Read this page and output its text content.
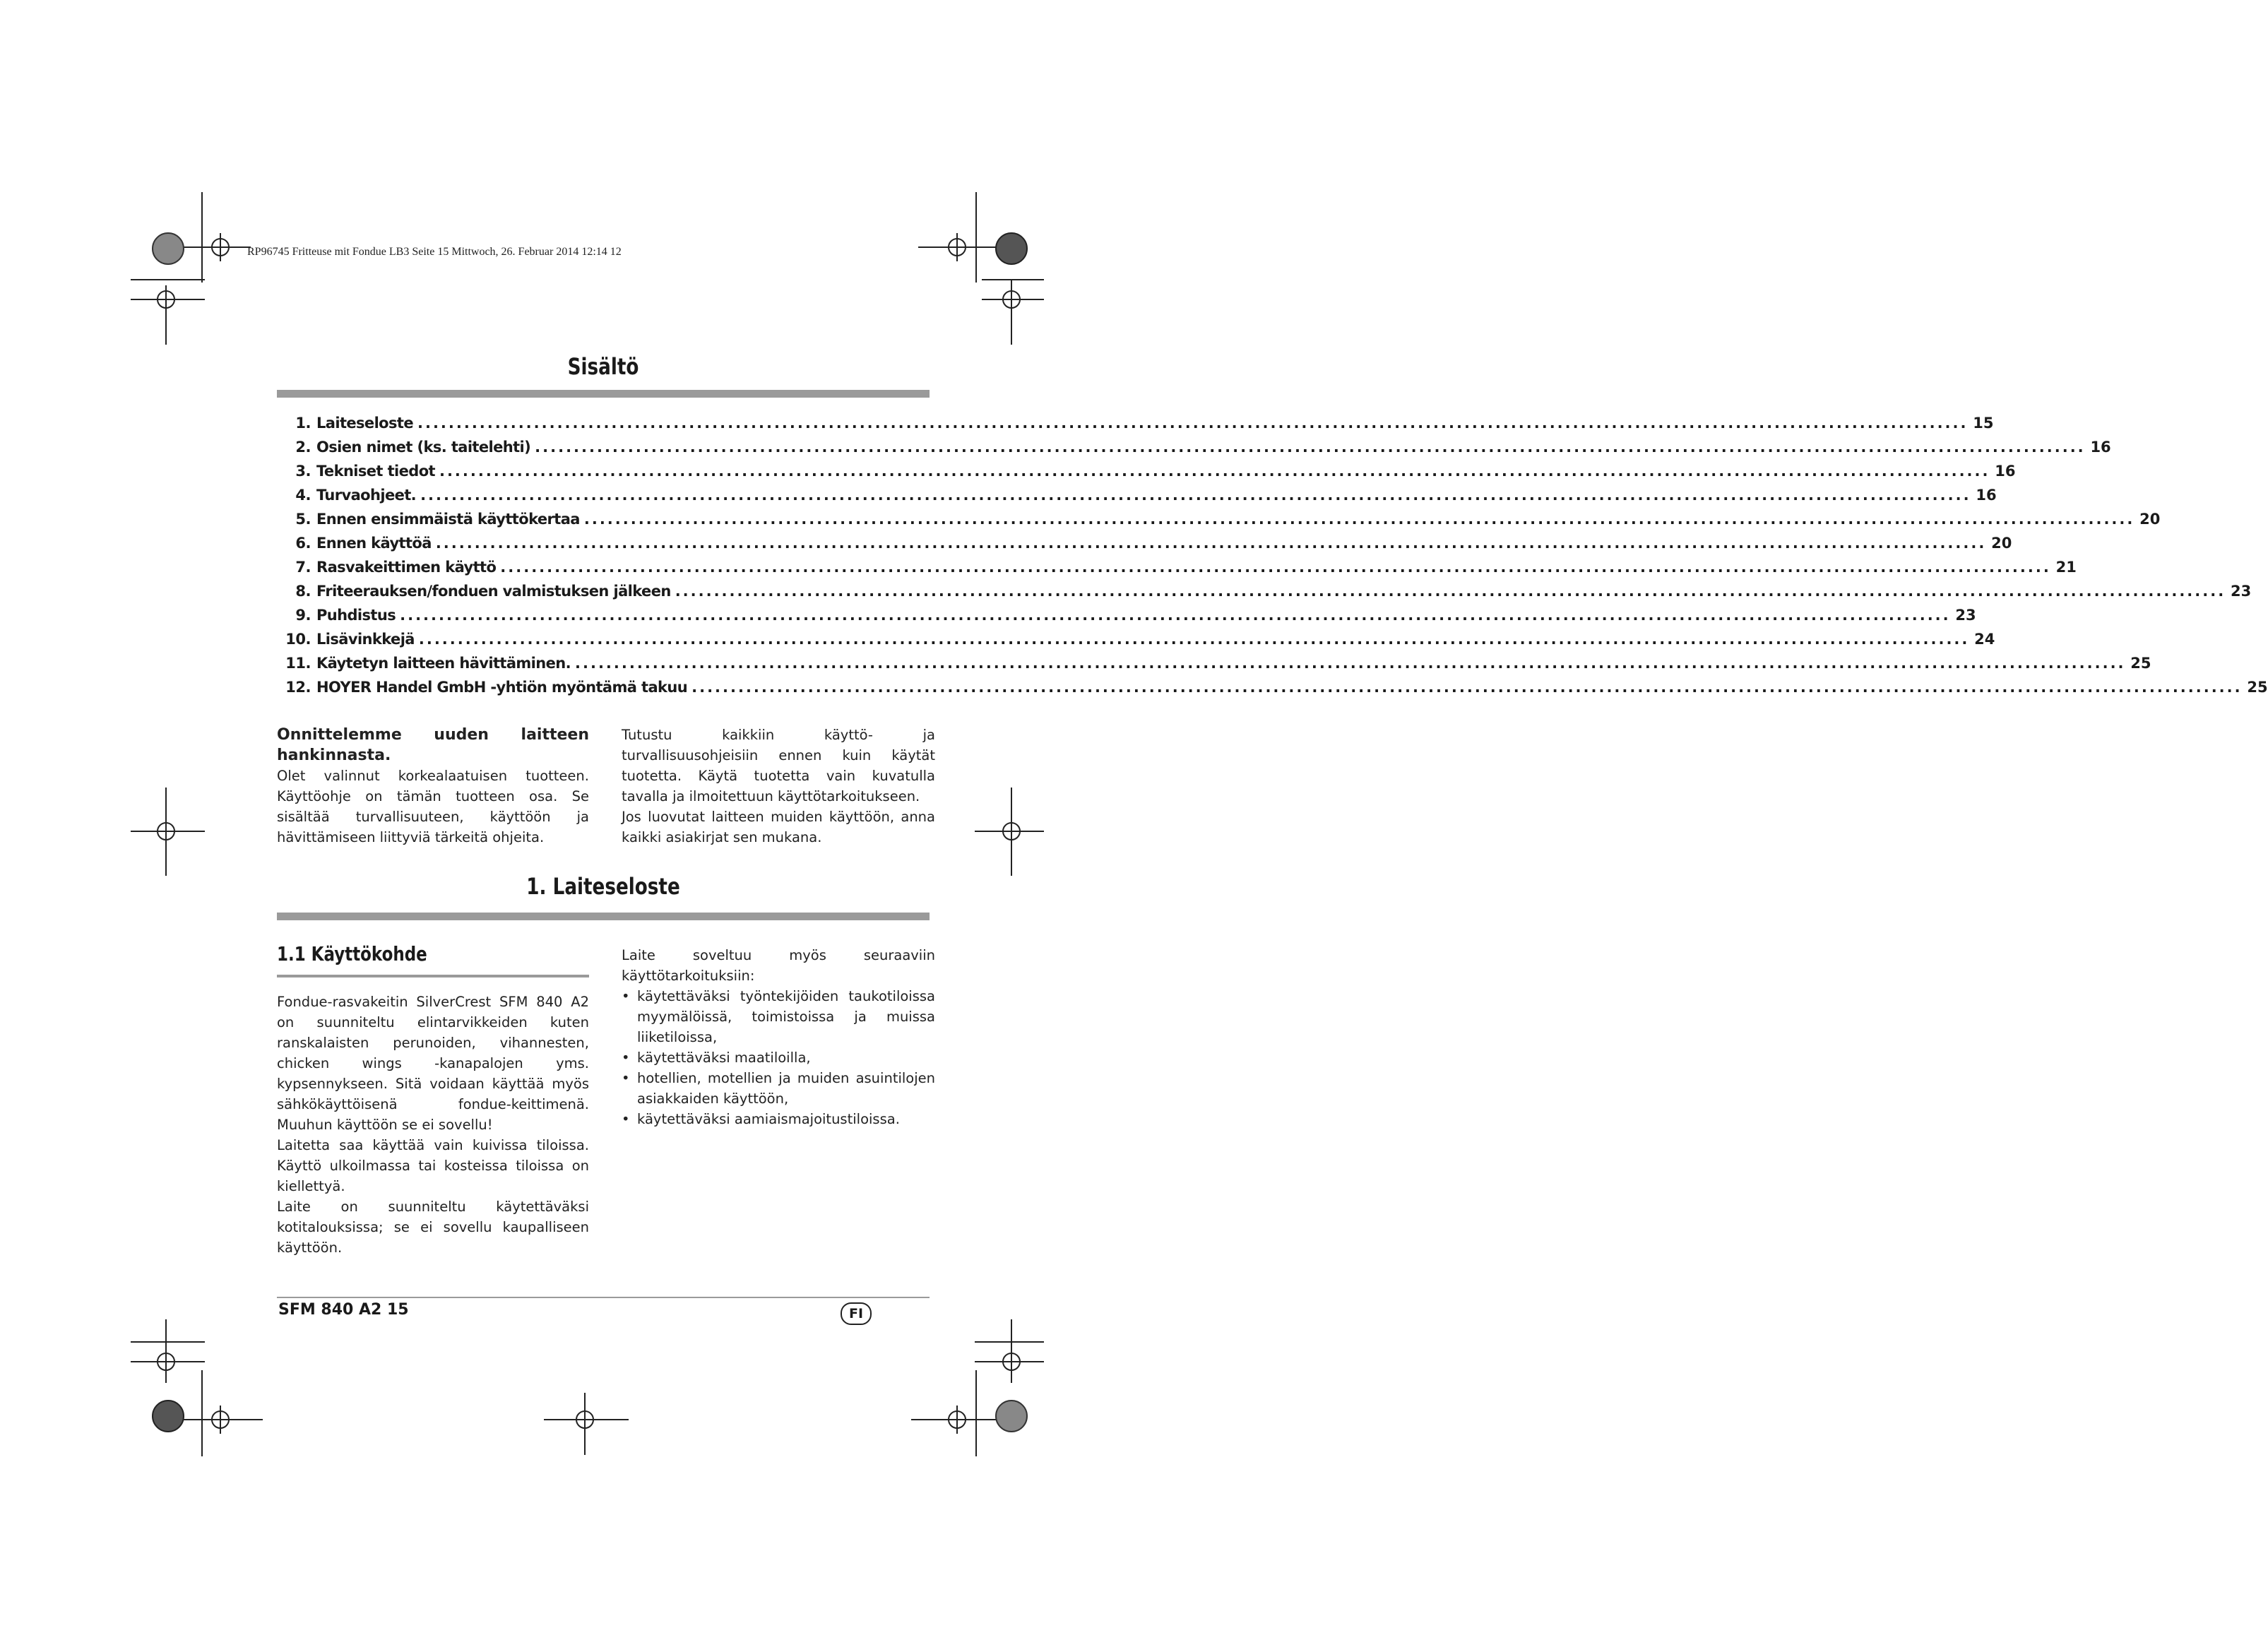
RP96745 Fritteuse mit Fondue LB3 Seite 15 Mittwoch, 26. Februar 2014 12:14 12
Sisältö
1. Laiteseloste ........................................................................................................................................................................................................ 15
2. Osien nimet (ks. taitelehti) ........................................................................................................................................................................................................ 16
3. Tekniset tiedot ........................................................................................................................................................................................................ 16
4. Turvaohjeet. ........................................................................................................................................................................................................ 16
5. Ennen ensimmäistä käyttökertaa ........................................................................................................................................................................................................ 20
6. Ennen käyttöä ........................................................................................................................................................................................................ 20
7. Rasvakeittimen käyttö ........................................................................................................................................................................................................ 21
8. Friteerauksen/fonduen valmistuksen jälkeen ........................................................................................................................................................................................................ 23
9. Puhdistus ........................................................................................................................................................................................................ 23
10. Lisävinkkejä ........................................................................................................................................................................................................ 24
11. Käytetyn laitteen hävittäminen. ........................................................................................................................................................................................................ 25
12. HOYER Handel GmbH -yhtiön myöntämä takuu ........................................................................................................................................................................................................ 25
Onnittelemme uuden laitteen
hankinnasta.

Olet valinnut korkealaatuisen tuotteen. Käyttöohje on tämän tuotteen osa. Se sisältää turvallisuuteen, käyttöön ja hävittämiseen liittyviä tärkeitä ohjeita.

Tutustu kaikkiin käyttö- ja turvallisuusohjeisiin ennen kuin käytät tuotetta. Käytä tuotetta vain kuvatulla tavalla ja ilmoitettuun käyttötarkoitukseen.

Jos luovutat laitteen muiden käyttöön, anna kaikki asiakirjat sen mukana.

1. Laiteseloste
1.1 Käyttökohde

Fondue-rasvakeitin SilverCrest SFM 840 A2 on suunniteltu elintarvikkeiden kuten ranskalaisten perunoiden, vihannesten, chicken wings -kanapalojen yms. kypsennykseen. Sitä voidaan käyttää myös sähkökäyttöisenä fondue-keittimenä. Muuhun käyttöön se ei sovellu!

Laitetta saa käyttää vain kuivissa tiloissa. Käyttö ulkoilmassa tai kosteissa tiloissa on kiellettyä.

Laite on suunniteltu käytettäväksi kotitalouksissa; se ei sovellu kaupalliseen käyttöön.

Laite soveltuu myös seuraaviin käyttötarkoituksiin:

• käytettäväksi työntekijöiden taukotiloissa myymälöissä, toimistoissa ja muissa liiketiloissa,
• käytettäväksi maatiloilla,
• hotellien, motellien ja muiden asuintilojen asiakkaiden käyttöön,
• käytettäväksi aamiaismajoitustiloissa.
SFM 840 A2 15	FI
